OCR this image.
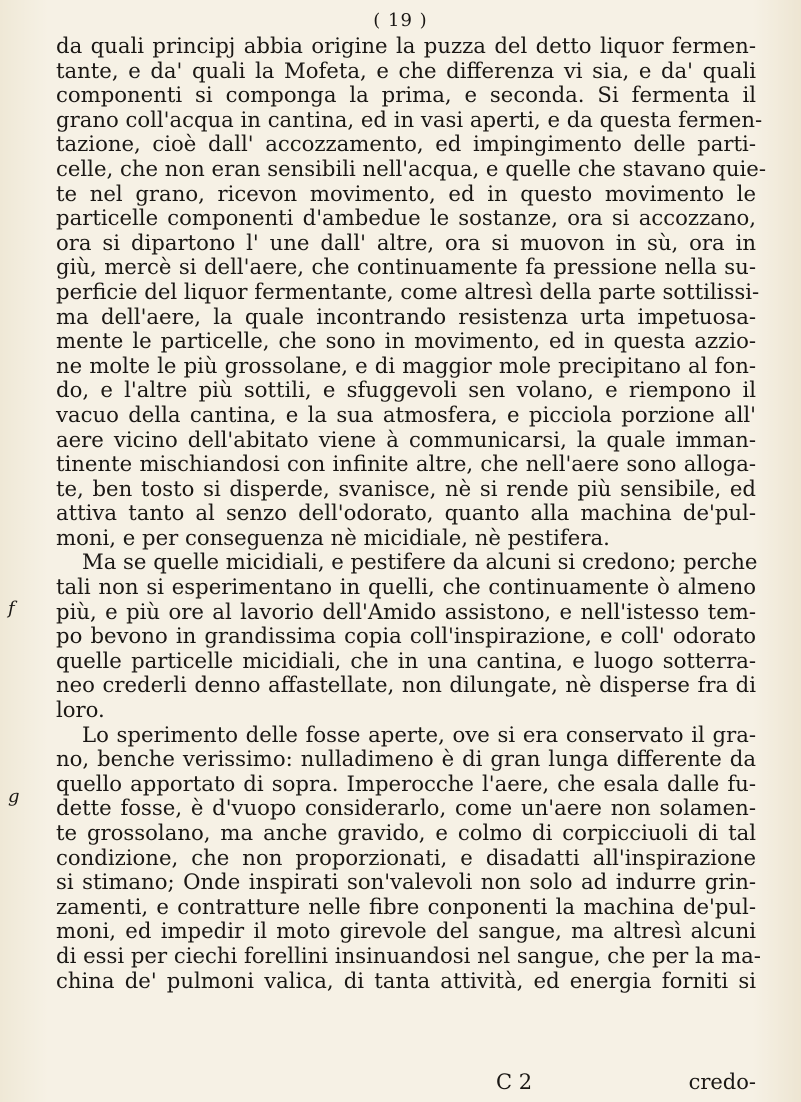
( 19 )
f
g
da quali principj abbia origine la puzza del detto liquor fermen-
tante, e da' quali la Mofeta, e che differenza vi sia, e da' quali
componenti si componga la prima, e seconda. Si fermenta il
grano coll'acqua in cantina, ed in vasi aperti, e da questa fermen-
tazione, cioè dall' accozzamento, ed impingimento delle parti-
celle, che non eran sensibili nell'acqua, e quelle che stavano quie-
te nel grano, ricevon movimento, ed in questo movimento le
particelle componenti d'ambedue le sostanze, ora si accozzano,
ora si dipartono l' une dall' altre, ora si muovon in sù, ora in
giù, mercè si dell'aere, che continuamente fa pressione nella su-
perficie del liquor fermentante, come altresì della parte sottilissi-
ma dell'aere, la quale incontrando resistenza urta impetuosa-
mente le particelle, che sono in movimento, ed in questa azzio-
ne molte le più grossolane, e di maggior mole precipitano al fon-
do, e l'altre più sottili, e sfuggevoli sen volano, e riempono il
vacuo della cantina, e la sua atmosfera, e picciola porzione all'
aere vicino dell'abitato viene à communicarsi, la quale imman-
tinente mischiandosi con infinite altre, che nell'aere sono alloga-
te, ben tosto si disperde, svanisce, nè si rende più sensibile, ed
attiva tanto al senzo dell'odorato, quanto alla machina de'pul-
moni, e per conseguenza nè micidiale, nè pestifera.
Ma se quelle micidiali, e pestifere da alcuni si credono; perche
tali non si esperimentano in quelli, che continuamente ò almeno
più, e più ore al lavorio dell'Amido assistono, e nell'istesso tem-
po bevono in grandissima copia coll'inspirazione, e coll' odorato
quelle particelle micidiali, che in una cantina, e luogo sotterra-
neo crederli denno affastellate, non dilungate, nè disperse fra di
loro.
Lo sperimento delle fosse aperte, ove si era conservato il gra-
no, benche verissimo: nulladimeno è di gran lunga differente da
quello apportato di sopra. Imperocche l'aere, che esala dalle fu-
dette fosse, è d'vuopo considerarlo, come un'aere non solamen-
te grossolano, ma anche gravido, e colmo di corpicciuoli di tal
condizione, che non proporzionati, e disadatti all'inspirazione
si stimano; Onde inspirati son'valevoli non solo ad indurre grin-
zamenti, e contratture nelle fibre conponenti la machina de'pul-
moni, ed impedir il moto girevole del sangue, ma altresì alcuni
di essi per ciechi forellini insinuandosi nel sangue, che per la ma-
china de' pulmoni valica, di tanta attività, ed energia forniti si
C 2	credo-
